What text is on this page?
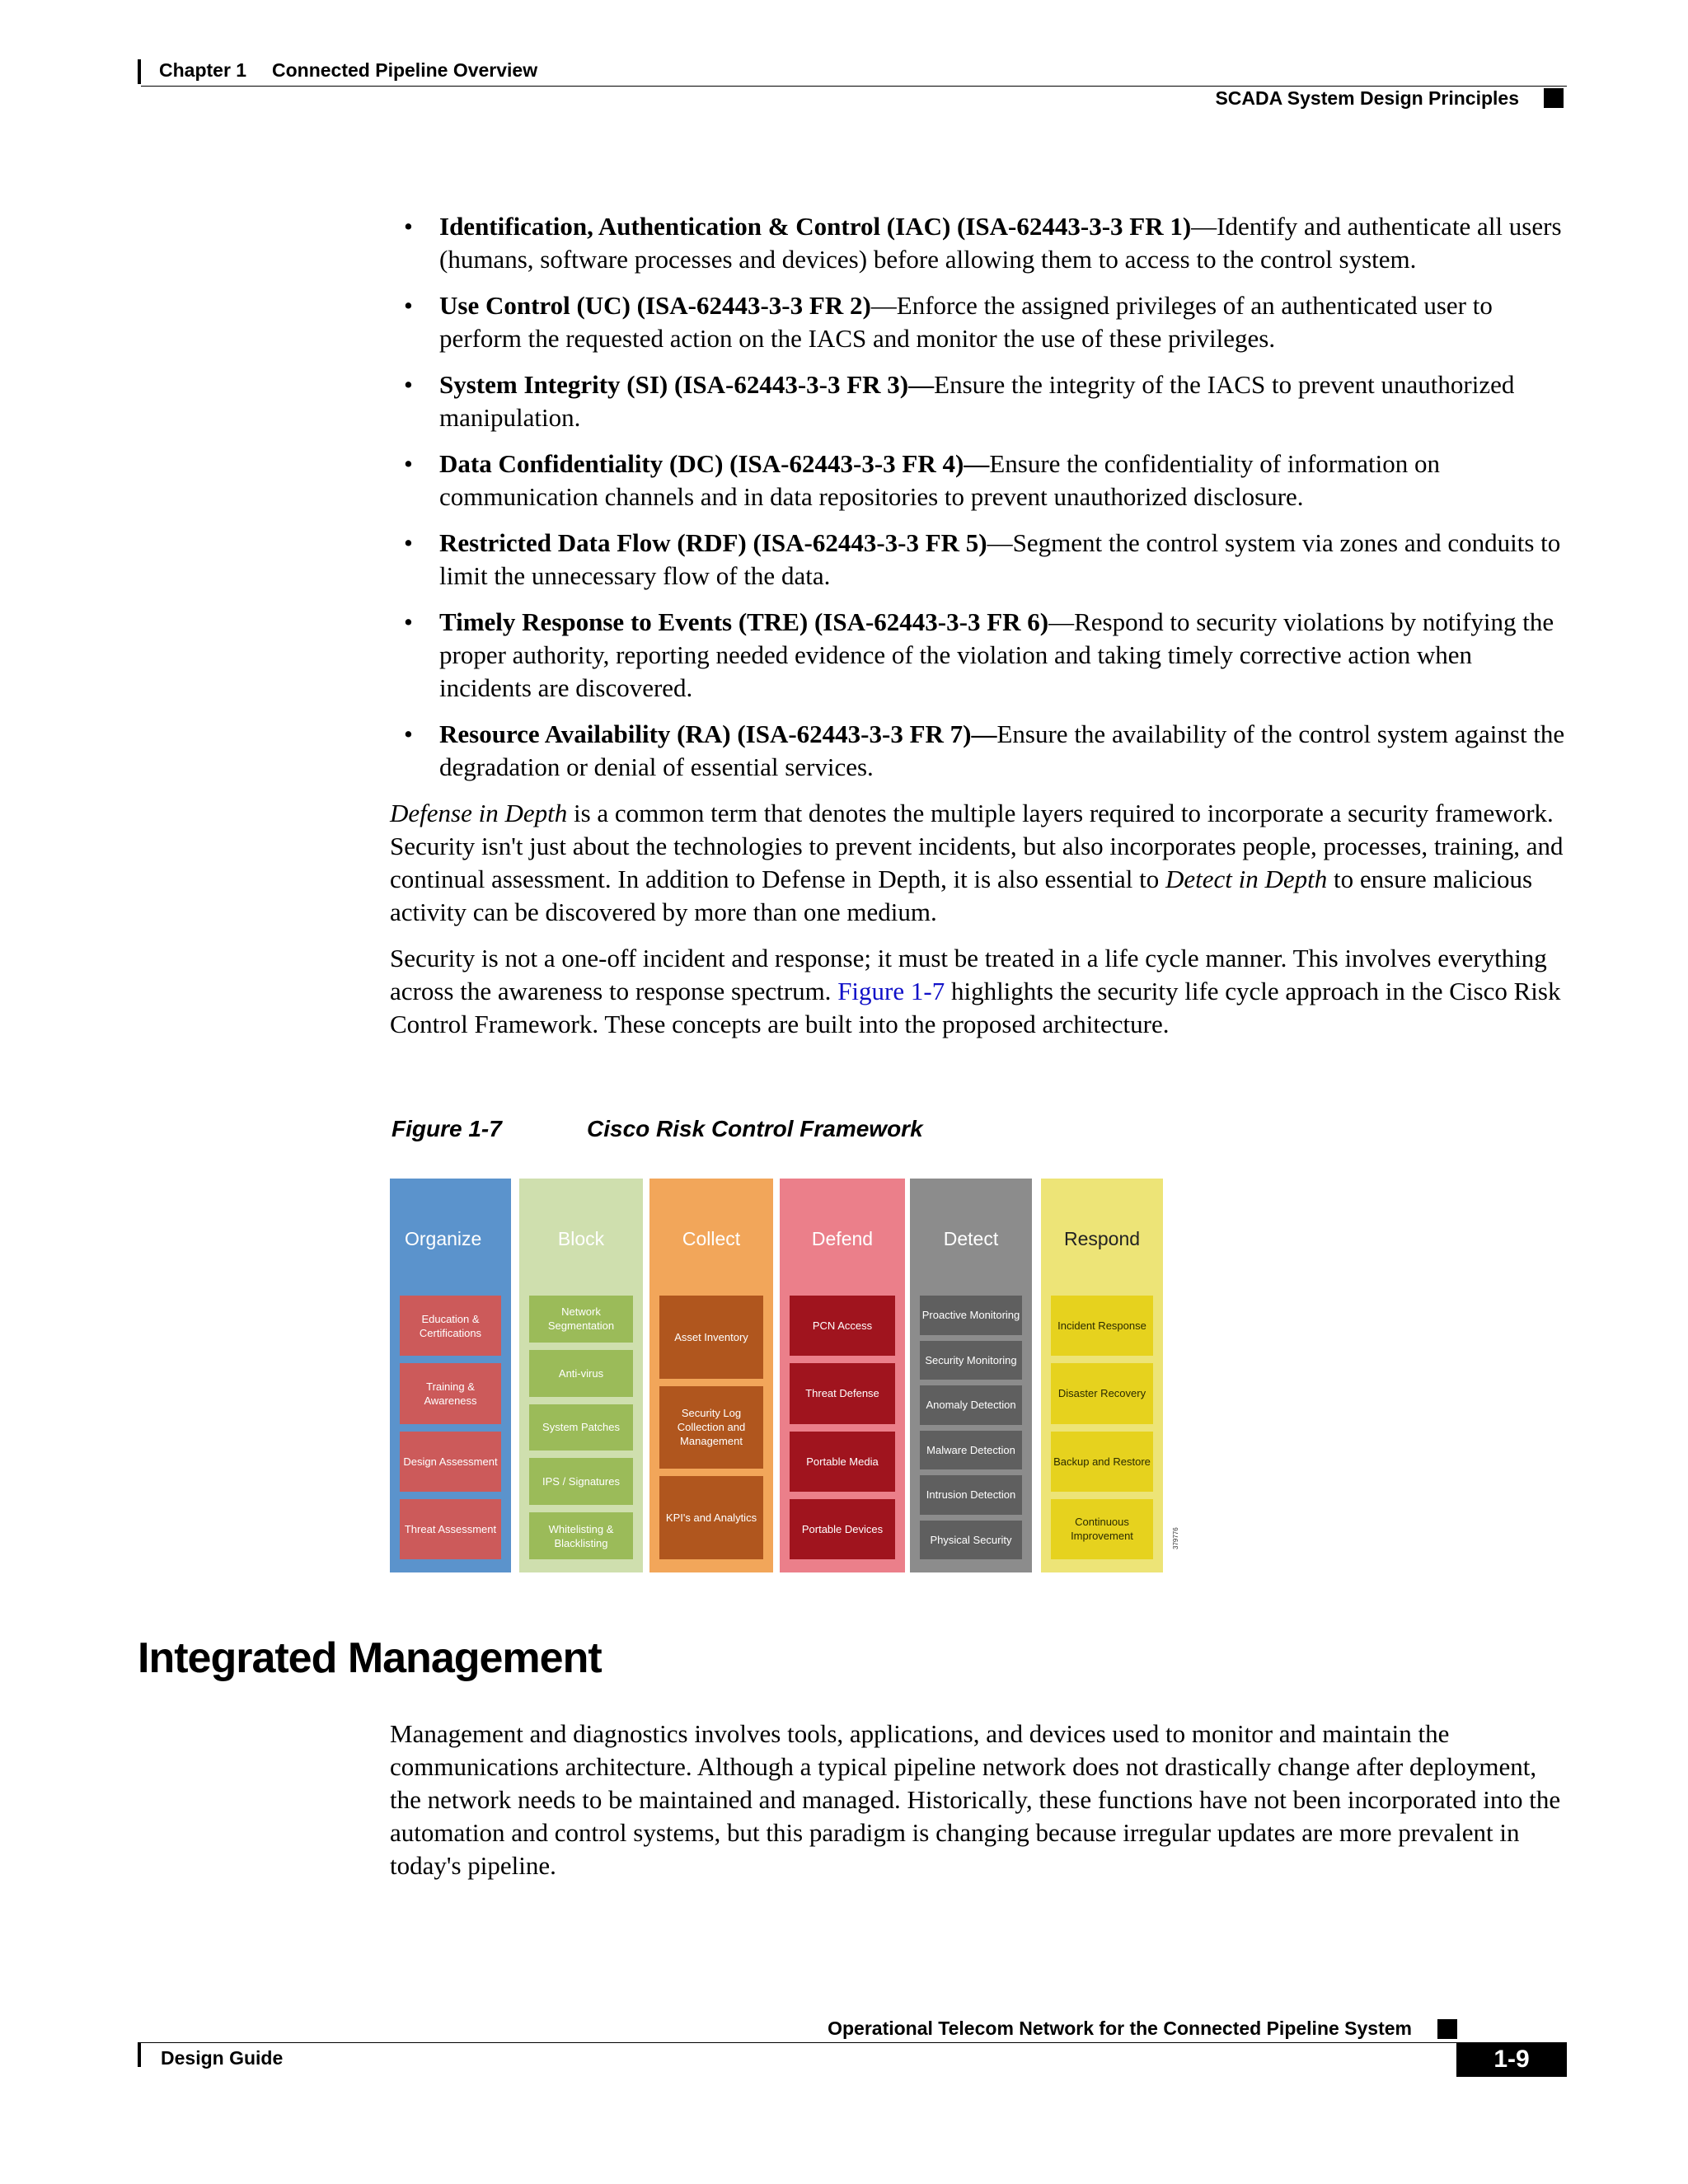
Chapter 1 Connected Pipeline Overview
SCADA System Design Principles
• Identification, Authentication & Control (IAC) (ISA-62443-3-3 FR 1)—Identify and authenticate all users (humans, software processes and devices) before allowing them to access to the control system.
• Use Control (UC) (ISA-62443-3-3 FR 2)—Enforce the assigned privileges of an authenticated user to perform the requested action on the IACS and monitor the use of these privileges.
• System Integrity (SI) (ISA-62443-3-3 FR 3)—Ensure the integrity of the IACS to prevent unauthorized manipulation.
• Data Confidentiality (DC) (ISA-62443-3-3 FR 4)—Ensure the confidentiality of information on communication channels and in data repositories to prevent unauthorized disclosure.
• Restricted Data Flow (RDF) (ISA-62443-3-3 FR 5)—Segment the control system via zones and conduits to limit the unnecessary flow of the data.
• Timely Response to Events (TRE) (ISA-62443-3-3 FR 6)—Respond to security violations by notifying the proper authority, reporting needed evidence of the violation and taking timely corrective action when incidents are discovered.
• Resource Availability (RA) (ISA-62443-3-3 FR 7)—Ensure the availability of the control system against the degradation or denial of essential services.

Defense in Depth is a common term that denotes the multiple layers required to incorporate a security framework. Security isn't just about the technologies to prevent incidents, but also incorporates people, processes, training, and continual assessment. In addition to Defense in Depth, it is also essential to Detect in Depth to ensure malicious activity can be discovered by more than one medium.

Security is not a one-off incident and response; it must be treated in a life cycle manner. This involves everything across the awareness to response spectrum. Figure 1-7 highlights the security life cycle approach in the Cisco Risk Control Framework. These concepts are built into the proposed architecture.

Figure 1-7	Cisco Risk Control Framework
Organize
Education & Certifications
Training & Awareness
Design Assessment
Threat Assessment
Block
Network Segmentation
Anti-virus
System Patches
IPS / Signatures
Whitelisting & Blacklisting
Collect
Asset Inventory
Security Log Collection and Management
KPI's and Analytics
Defend
PCN Access
Threat Defense
Portable Media
Portable Devices
Detect
Proactive Monitoring
Security Monitoring
Anomaly Detection
Malware Detection
Intrusion Detection
Physical Security
Respond
Incident Response
Disaster Recovery
Backup and Restore
Continuous Improvement	379776
Integrated Management

Management and diagnostics involves tools, applications, and devices used to monitor and maintain the communications architecture. Although a typical pipeline network does not drastically change after deployment, the network needs to be maintained and managed. Historically, these functions have not been incorporated into the automation and control systems, but this paradigm is changing because irregular updates are more prevalent in today's pipeline.

Operational Telecom Network for the Connected Pipeline System
Design Guide	1-9
